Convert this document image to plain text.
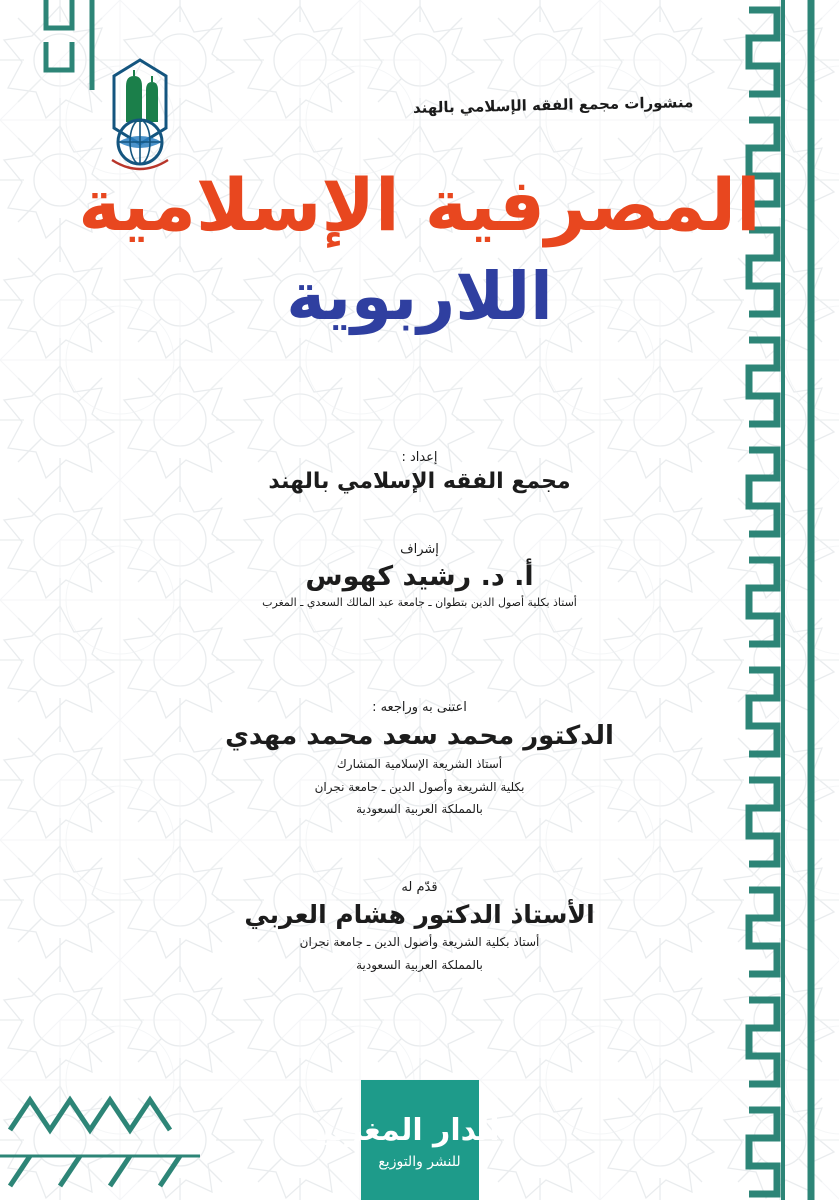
منشورات مجمع الفقه الإسلامي بالهند
المصرفية الإسلامية
اللاربوية
إعداد :
مجمع الفقه الإسلامي بالهند
إشراف
أ. د. رشيد كهوس
أستاذ بكلية أصول الدين بتطوان ـ جامعة عبد المالك السعدي ـ المغرب
اعتنى به وراجعه :
الدكتور محمد سعد محمد مهدي
أستاذ الشريعة الإسلامية المشارك
بكلية الشريعة وأصول الدين ـ جامعة نجران
بالمملكة العربية السعودية
قدّم له
الأستاذ الدكتور هشام العربي
أستاذ بكلية الشريعة وأصول الدين ـ جامعة نجران
بالمملكة العربية السعودية
الدار المغربية
للنشر والتوزيع
